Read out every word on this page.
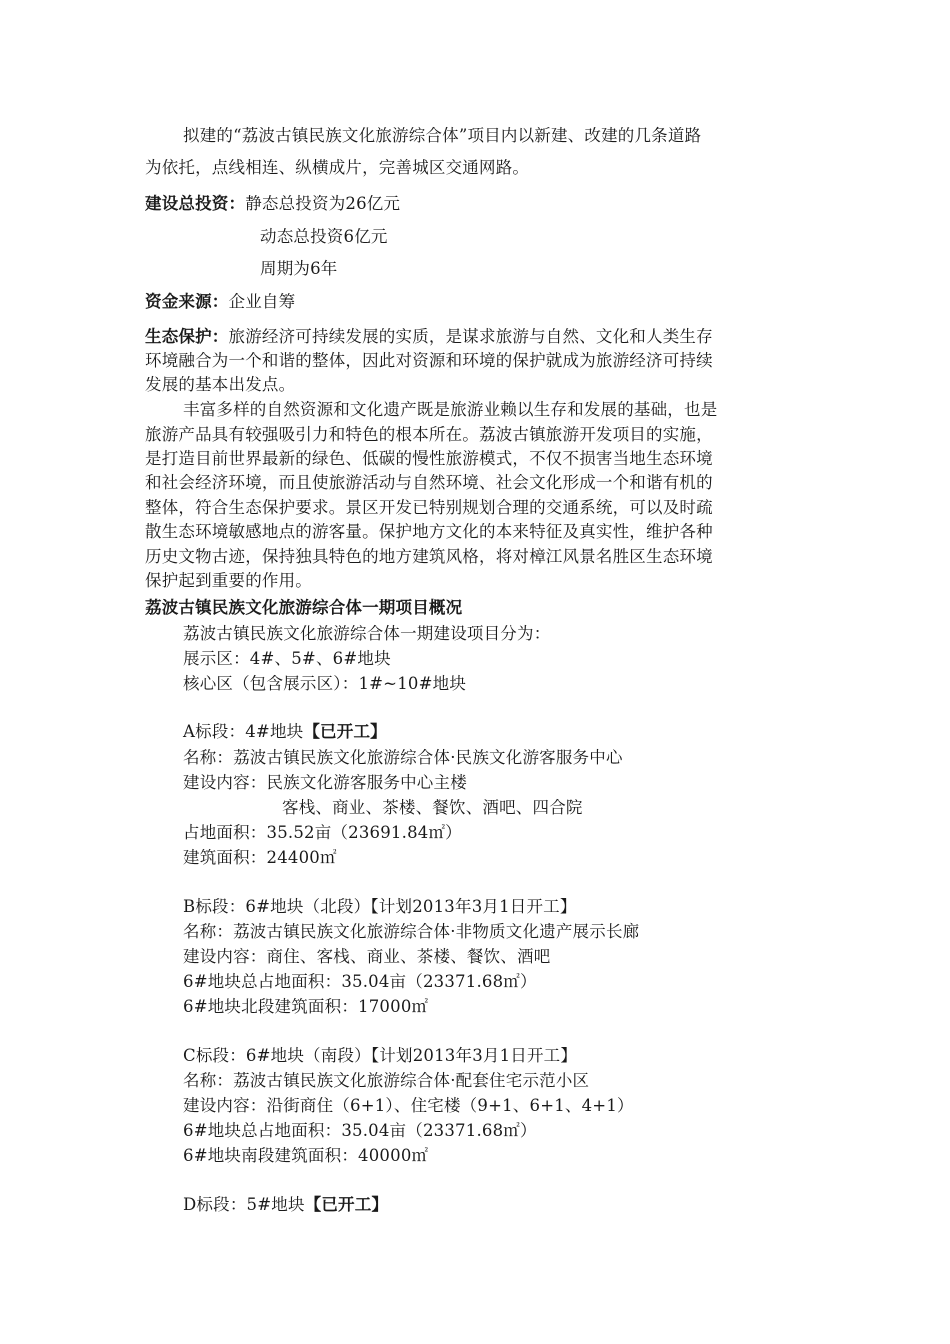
拟建的“荔波古镇民族文化旅游综合体”项目内以新建、改建的几条道路
为依托，点线相连、纵横成片，完善城区交通网路。
建设总投资：静态总投资为26亿元
动态总投资6亿元
周期为6年
资金来源：企业自筹
生态保护：旅游经济可持续发展的实质，是谋求旅游与自然、文化和人类生存
环境融合为一个和谐的整体，因此对资源和环境的保护就成为旅游经济可持续
发展的基本出发点。
丰富多样的自然资源和文化遗产既是旅游业赖以生存和发展的基础，也是
旅游产品具有较强吸引力和特色的根本所在。荔波古镇旅游开发项目的实施，
是打造目前世界最新的绿色、低碳的慢性旅游模式，不仅不损害当地生态环境
和社会经济环境，而且使旅游活动与自然环境、社会文化形成一个和谐有机的
整体，符合生态保护要求。景区开发已特别规划合理的交通系统，可以及时疏
散生态环境敏感地点的游客量。保护地方文化的本来特征及真实性，维护各种
历史文物古迹，保持独具特色的地方建筑风格，将对樟江风景名胜区生态环境
保护起到重要的作用。
荔波古镇民族文化旅游综合体一期项目概况
荔波古镇民族文化旅游综合体一期建设项目分为：
展示区：4#、5#、6#地块
核心区（包含展示区）：1#~10#地块
A标段：4#地块【已开工】
名称：荔波古镇民族文化旅游综合体·民族文化游客服务中心
建设内容：民族文化游客服务中心主楼
客栈、商业、茶楼、餐饮、酒吧、四合院
占地面积：35.52亩（23691.84㎡）
建筑面积：24400㎡
B标段：6#地块（北段）【计划2013年3月1日开工】
名称：荔波古镇民族文化旅游综合体·非物质文化遗产展示长廊
建设内容：商住、客栈、商业、茶楼、餐饮、酒吧
6#地块总占地面积：35.04亩（23371.68㎡）
6#地块北段建筑面积：17000㎡
C标段：6#地块（南段）【计划2013年3月1日开工】
名称：荔波古镇民族文化旅游综合体·配套住宅示范小区
建设内容：沿街商住（6+1）、住宅楼（9+1、6+1、4+1）
6#地块总占地面积：35.04亩（23371.68㎡）
6#地块南段建筑面积：40000㎡
D标段：5#地块【已开工】
